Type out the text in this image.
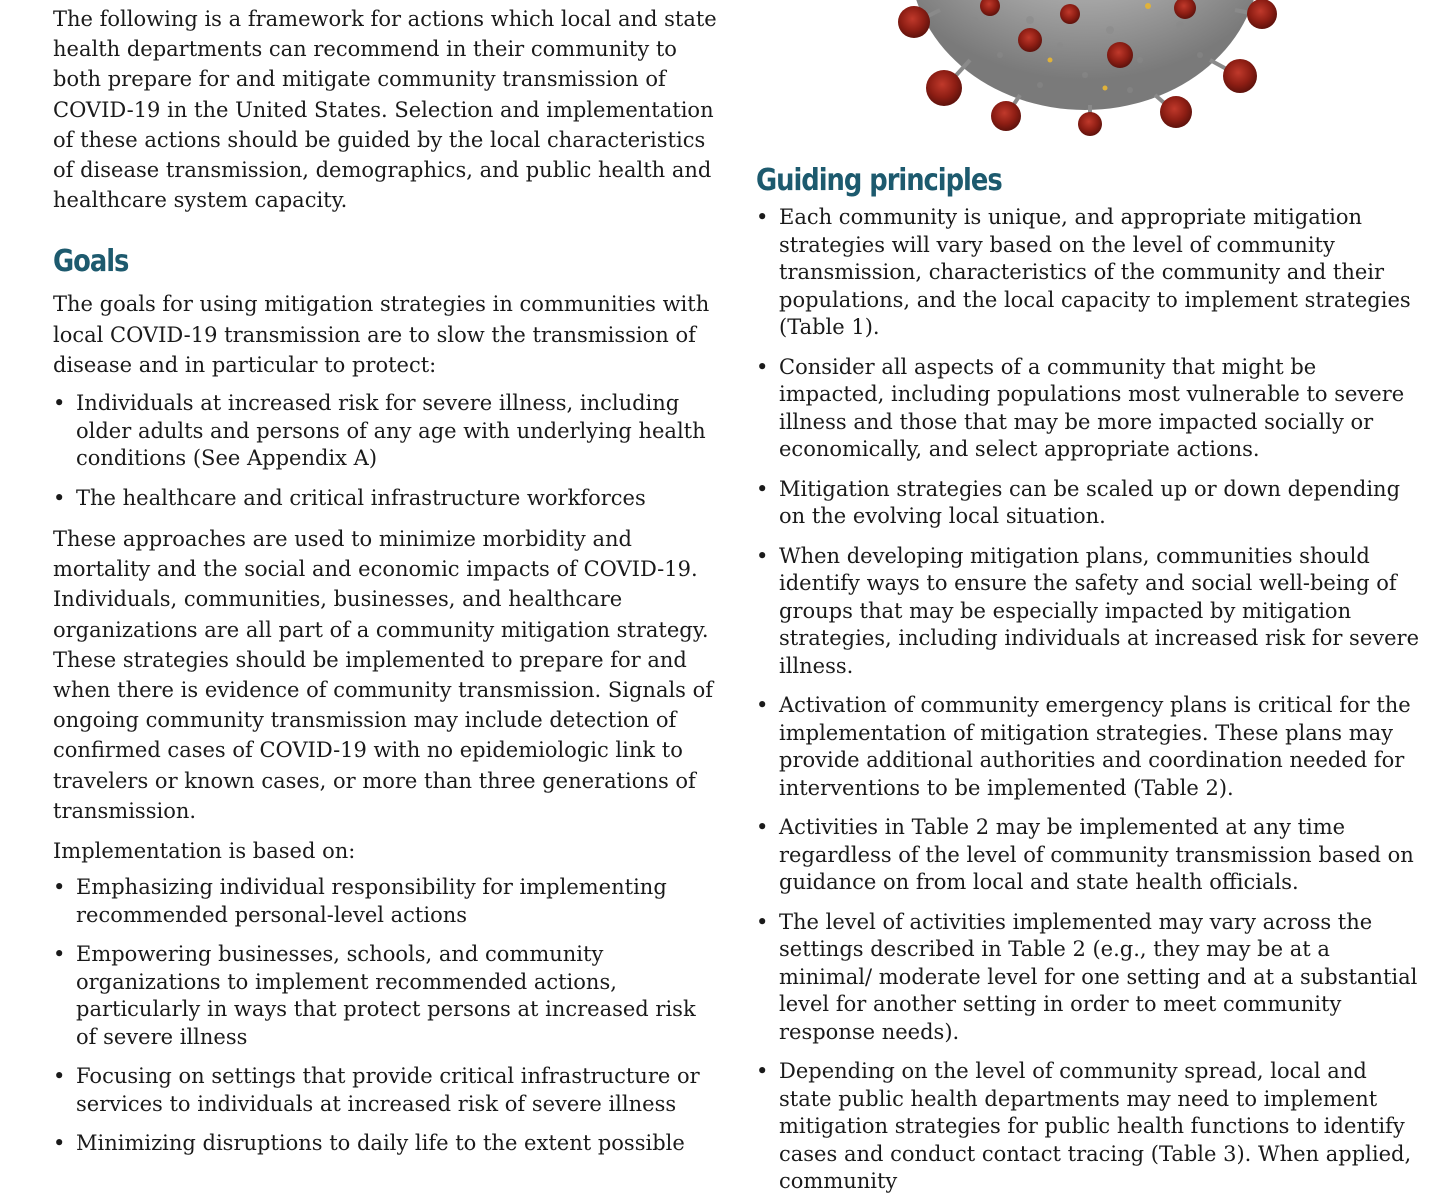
The following is a framework for actions which local and state health departments can recommend in their community to both prepare for and mitigate community transmission of COVID-19 in the United States. Selection and implementation of these actions should be guided by the local characteristics of disease transmission, demographics, and public health and healthcare system capacity.

Goals

The goals for using mitigation strategies in communities with local COVID-19 transmission are to slow the transmission of disease and in particular to protect:

• Individuals at increased risk for severe illness, including older adults and persons of any age with underlying health conditions (See Appendix A)
• The healthcare and critical infrastructure workforces

These approaches are used to minimize morbidity and mortality and the social and economic impacts of COVID-19. Individuals, communities, businesses, and healthcare organizations are all part of a community mitigation strategy. These strategies should be implemented to prepare for and when there is evidence of community transmission. Signals of ongoing community transmission may include detection of confirmed cases of COVID-19 with no epidemiologic link to travelers or known cases, or more than three generations of transmission.

Implementation is based on:

• Emphasizing individual responsibility for implementing recommended personal-level actions
• Empowering businesses, schools, and community organizations to implement recommended actions, particularly in ways that protect persons at increased risk of severe illness
• Focusing on settings that provide critical infrastructure or services to individuals at increased risk of severe illness
• Minimizing disruptions to daily life to the extent possible
Guiding principles
• Each community is unique, and appropriate mitigation strategies will vary based on the level of community transmission, characteristics of the community and their populations, and the local capacity to implement strategies (Table 1).
• Consider all aspects of a community that might be impacted, including populations most vulnerable to severe illness and those that may be more impacted socially or economically, and select appropriate actions.
• Mitigation strategies can be scaled up or down depending on the evolving local situation.
• When developing mitigation plans, communities should identify ways to ensure the safety and social well-being of groups that may be especially impacted by mitigation strategies, including individuals at increased risk for severe illness.
• Activation of community emergency plans is critical for the implementation of mitigation strategies. These plans may provide additional authorities and coordination needed for interventions to be implemented (Table 2).
• Activities in Table 2 may be implemented at any time regardless of the level of community transmission based on guidance on from local and state health officials.
• The level of activities implemented may vary across the settings described in Table 2 (e.g., they may be at a minimal/ moderate level for one setting and at a substantial level for another setting in order to meet community response needs).
• Depending on the level of community spread, local and state public health departments may need to implement mitigation strategies for public health functions to identify cases and conduct contact tracing (Table 3). When applied, community
